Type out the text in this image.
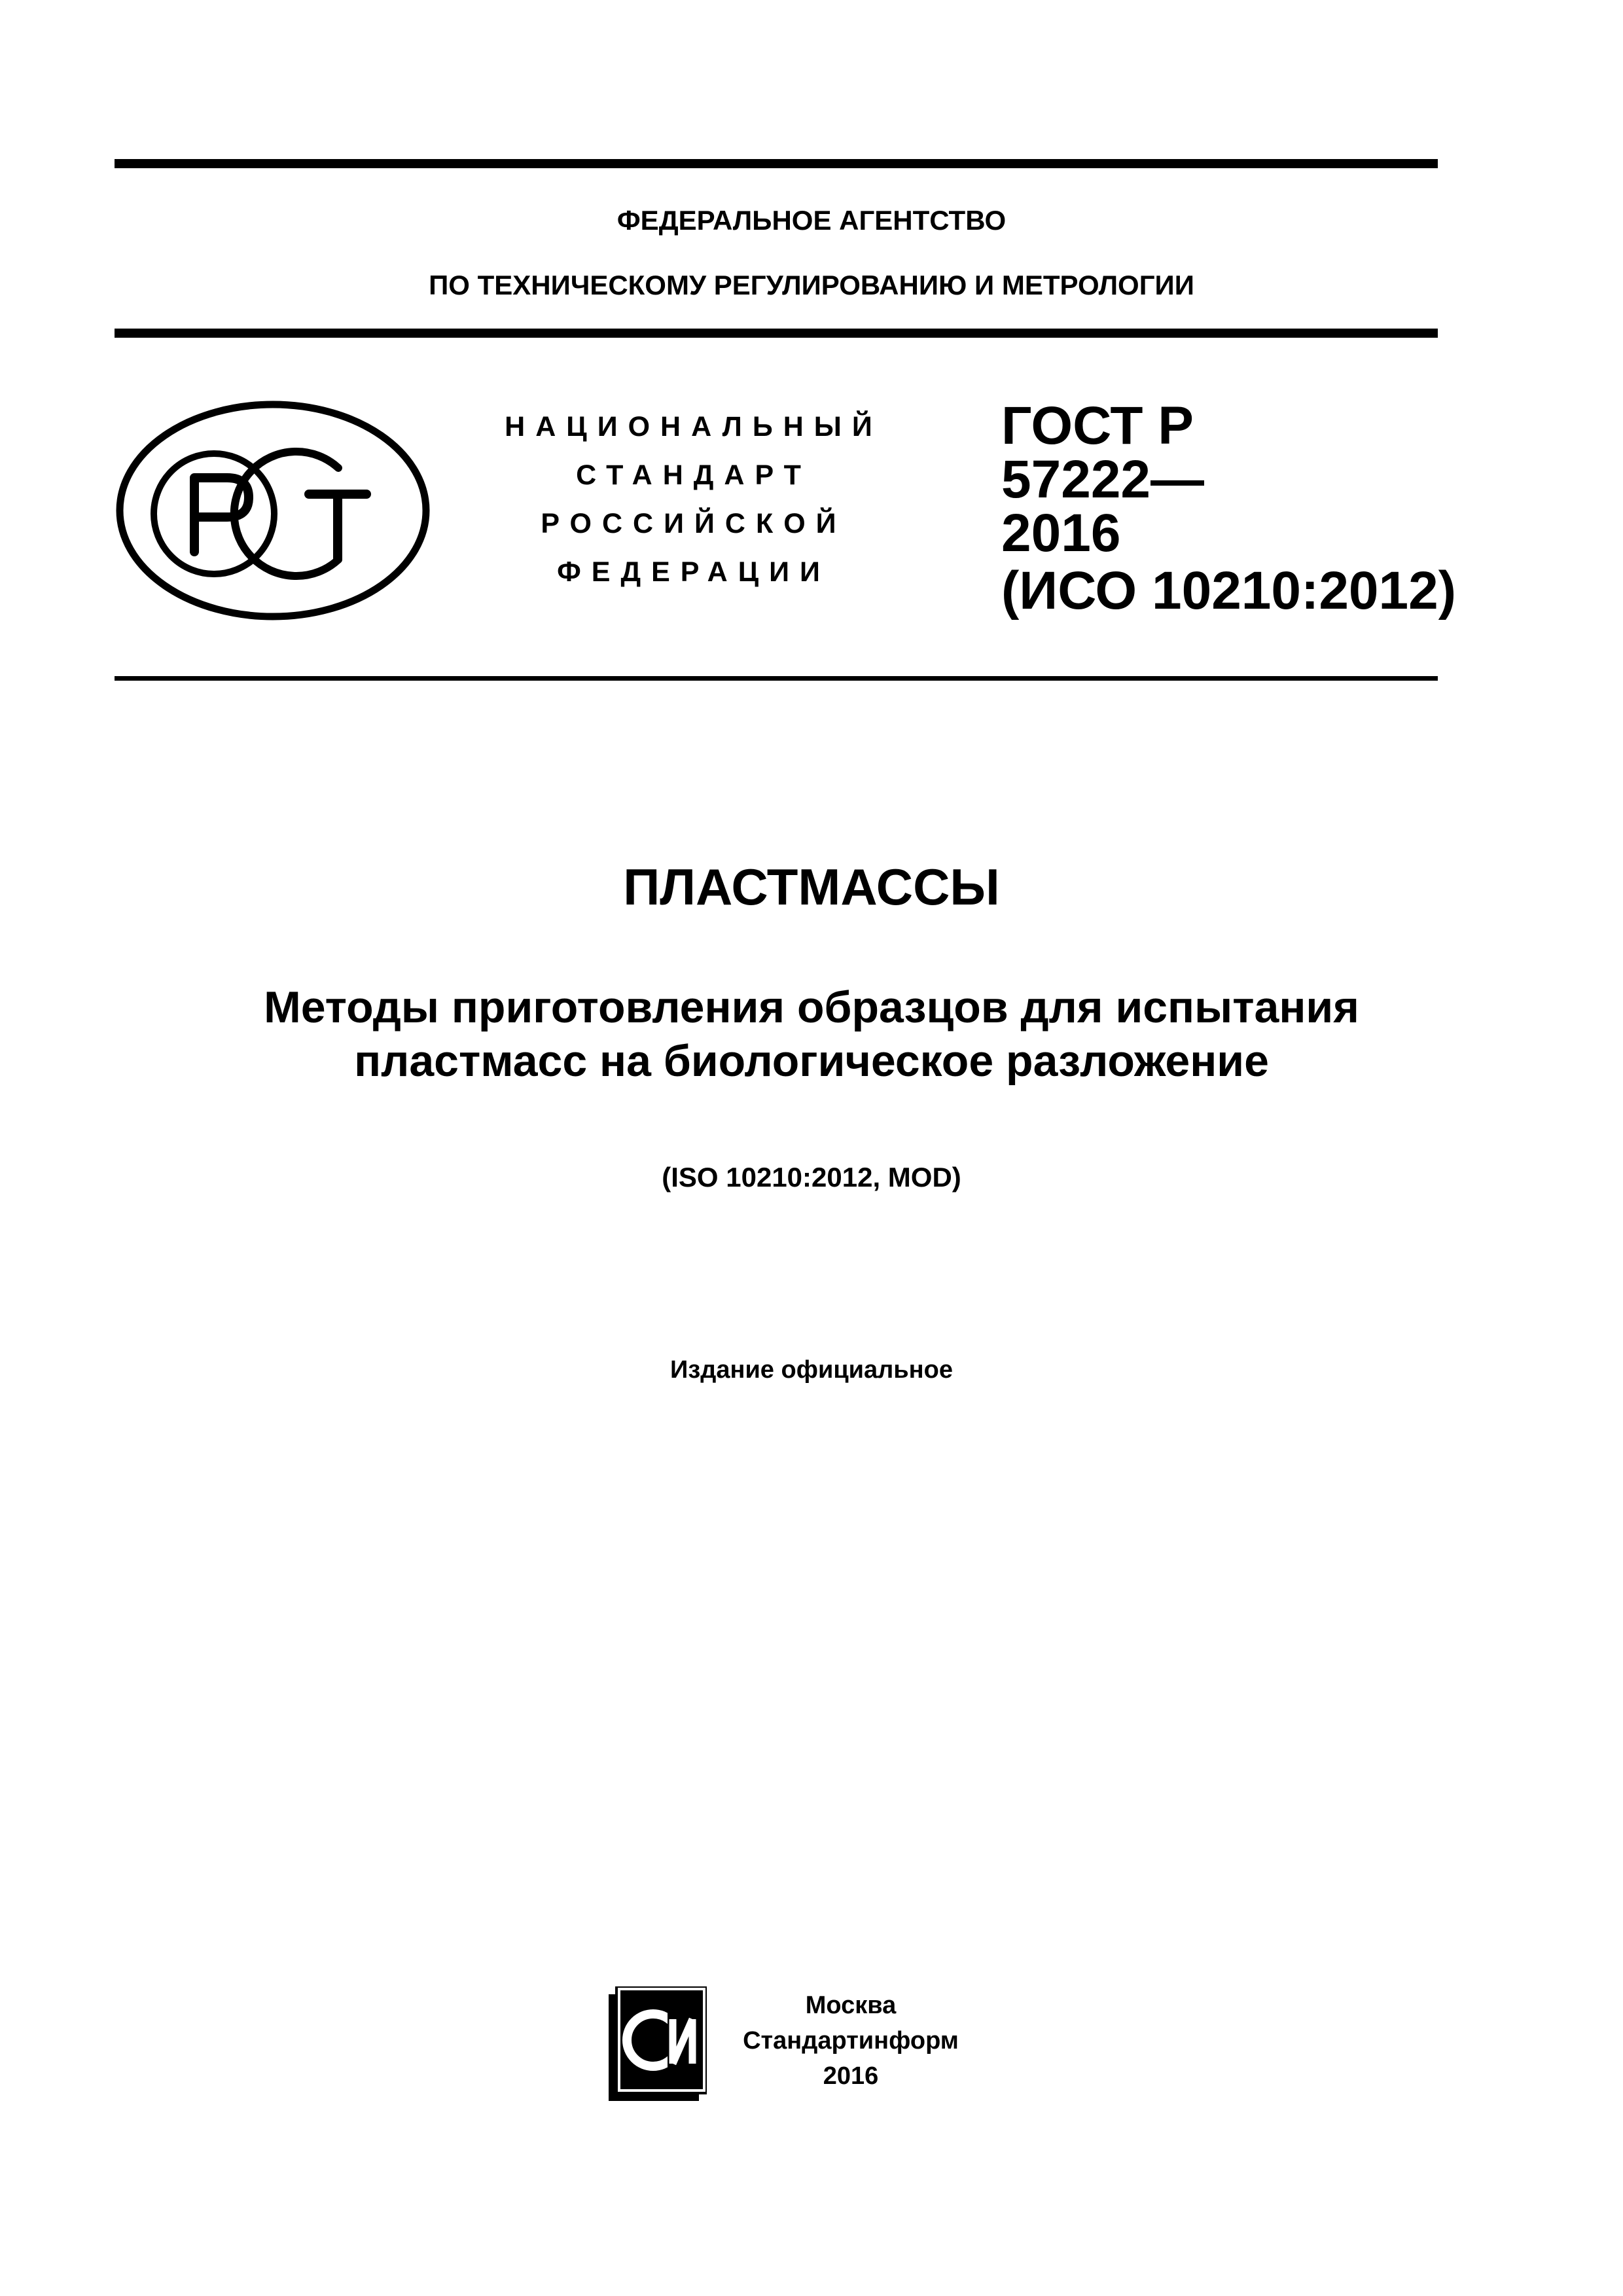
ФЕДЕРАЛЬНОЕ АГЕНТСТВО
ПО ТЕХНИЧЕСКОМУ РЕГУЛИРОВАНИЮ И МЕТРОЛОГИИ
НАЦИОНАЛЬНЫЙ
СТАНДАРТ
РОССИЙСКОЙ
ФЕДЕРАЦИИ
ГОСТ Р
57222—
2016
(ИСО 10210:2012)
ПЛАСТМАССЫ
Методы приготовления образцов для испытания
пластмасс на биологическое разложение
(ISO 10210:2012, MOD)
Издание официальное
Москва
Стандартинформ
2016
